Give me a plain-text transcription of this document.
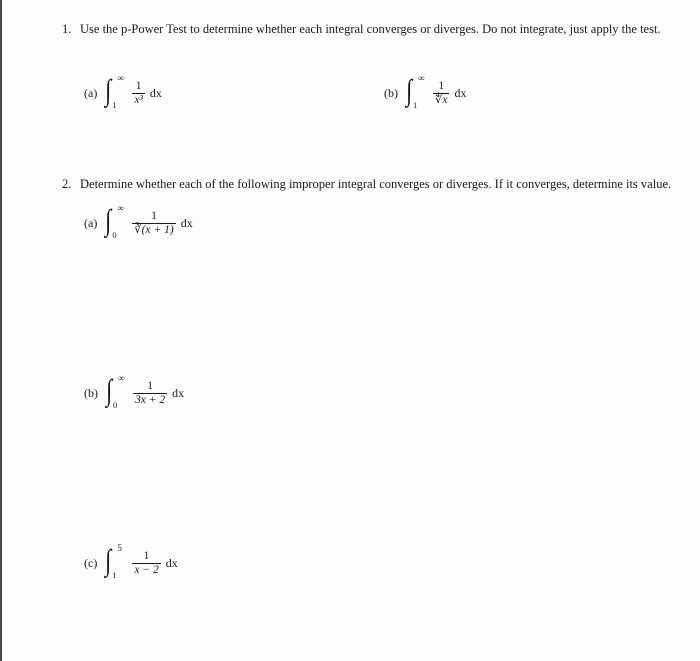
1. Use the p-Power Test to determine whether each integral converges or diverges. Do not integrate, just apply the test.
(a) ∫ ∞
$1 \frac{1}{\text{x³}}$ dx	(b) ∫ ∞
$1 \frac{1}{∜x}$ dx
2. Determine whether each of the following improper integral converges or diverges. If it converges, determine its value.
(a) ∫ ∞
$0 \frac{1}{∛(x + 1)}$ dx
(b) ∫ ∞
$0 \frac{1}{3x + 2}$ dx
(c) ∫ 5
$1 \frac{1}{x - 2}$ dx
